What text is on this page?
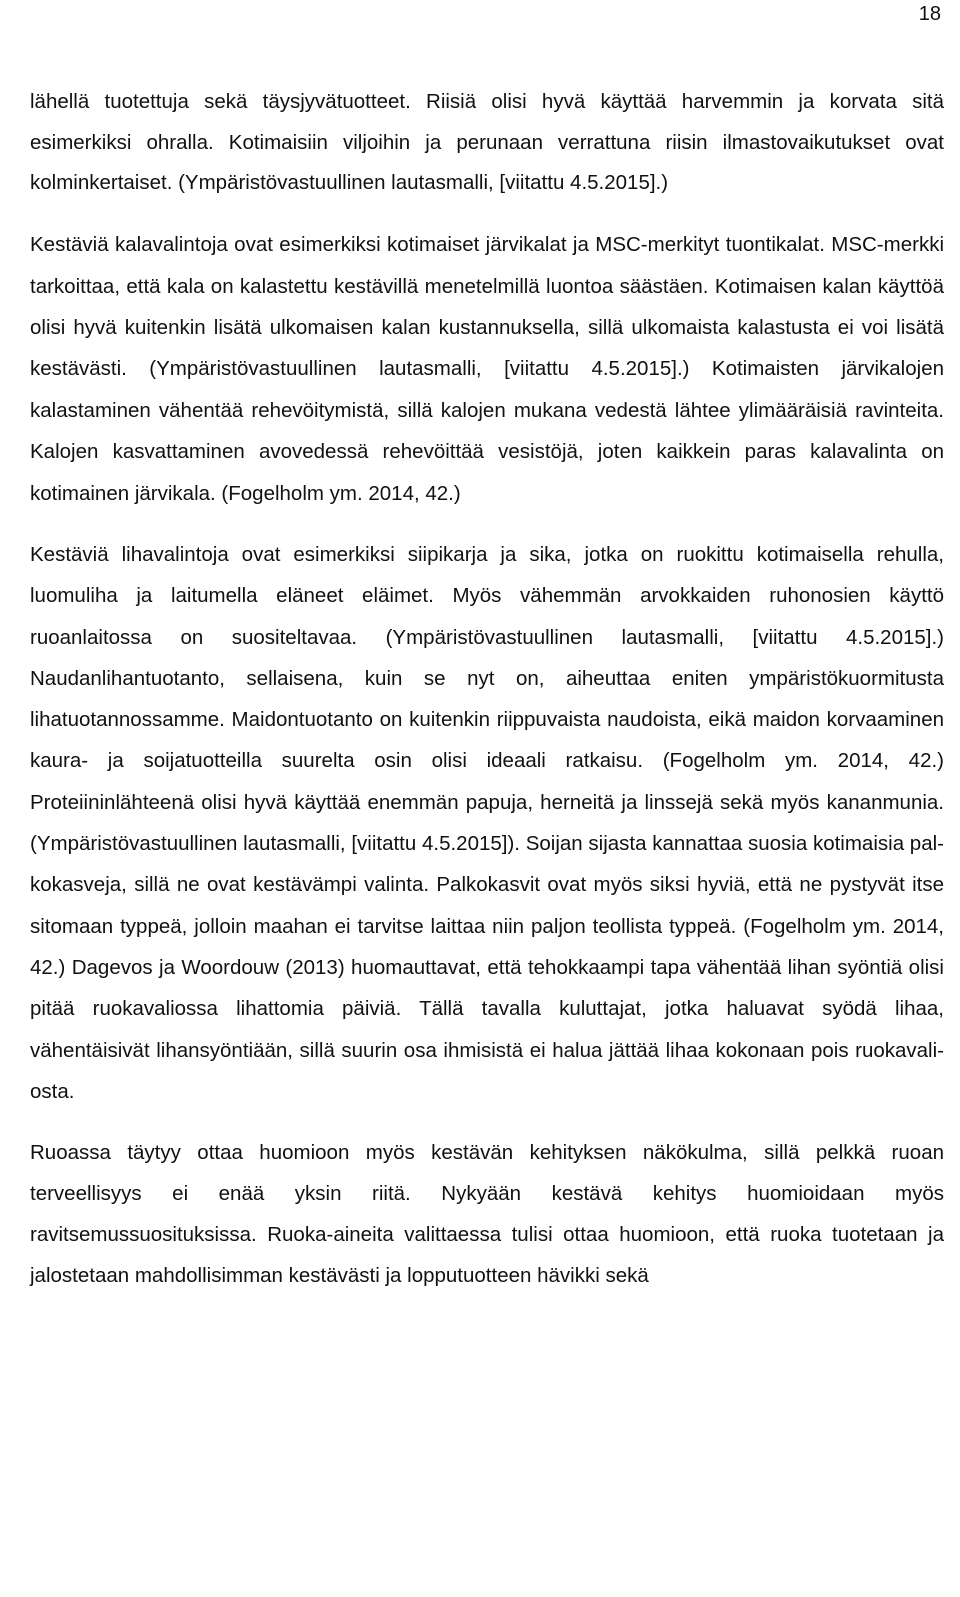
18

lähellä tuotettuja sekä täysjyvätuotteet. Riisiä olisi hyvä käyttää harvemmin ja korvata sitä esimerkiksi ohralla. Kotimaisiin viljoihin ja perunaan verrattuna riisin ilmastovaikutukset ovat kolminkertaiset. (Ympäristövastuullinen lautasmalli, [viitattu 4.5.2015].)

Kestäviä kalavalintoja ovat esimerkiksi kotimaiset järvikalat ja MSC-merkityt tuontikalat. MSC-merkki tarkoittaa, että kala on kalastettu kestävillä menetelmillä luontoa säästäen. Kotimaisen kalan käyttöä olisi hyvä kuitenkin lisätä ulkomaisen kalan kustannuksella, sillä ulkomaista kalastusta ei voi lisätä kestävästi. (Ympäristövastuullinen lautasmalli, [viitattu 4.5.2015].) Kotimaisten järvikalojen kalastaminen vähentää rehevöitymistä, sillä kalojen mukana vedestä lähtee ylimääräisiä ravinteita. Kalojen kasvattaminen avovedessä rehevöittää vesistöjä, joten kaikkein paras kalavalinta on kotimainen järvikala. (Fogelholm ym. 2014, 42.)

Kestäviä lihavalintoja ovat esimerkiksi siipikarja ja sika, jotka on ruokittu kotimaisella rehulla, luomuliha ja laitumella eläneet eläimet. Myös vähemmän arvokkaiden ruhonosien käyttö ruoanlaitossa on suositeltavaa. (Ympäristövastuullinen lautasmalli, [viitattu 4.5.2015].) Naudanlihantuotanto, sellaisena, kuin se nyt on, aiheuttaa eniten ympäristökuormitusta lihatuotannossamme. Maidontuotanto on kuitenkin riippuvaista naudoista, eikä maidon korvaaminen kaura- ja soijatuotteilla suurelta osin olisi ideaali ratkaisu. (Fogelholm ym. 2014, 42.) Proteiininlähteenä olisi hyvä käyttää enemmän papuja, herneitä ja linssejä sekä myös kananmunia. (Ympäristövastuullinen lautasmalli, [viitattu 4.5.2015]). Soijan sijasta kannattaa suosia kotimaisia palkokasveja, sillä ne ovat kestävämpi valinta. Palkokasvit ovat myös siksi hyviä, että ne pystyvät itse sitomaan typpeä, jolloin maahan ei tarvitse laittaa niin paljon teollista typpeä. (Fogelholm ym. 2014, 42.) Dagevos ja Woordouw (2013) huomauttavat, että tehokkaampi tapa vähentää lihan syöntiä olisi pitää ruokavaliossa lihattomia päiviä. Tällä tavalla kuluttajat, jotka haluavat syödä lihaa, vähentäisivät lihansyöntiään, sillä suurin osa ihmisistä ei halua jättää lihaa kokonaan pois ruokavaliosta.

Ruoassa täytyy ottaa huomioon myös kestävän kehityksen näkökulma, sillä pelkkä ruoan terveellisyys ei enää yksin riitä. Nykyään kestävä kehitys huomioidaan myös ravitsemussuosituksissa. Ruoka-aineita valittaessa tulisi ottaa huomioon, että ruoka tuotetaan ja jalostetaan mahdollisimman kestävästi ja lopputuotteen hävikki sekä
